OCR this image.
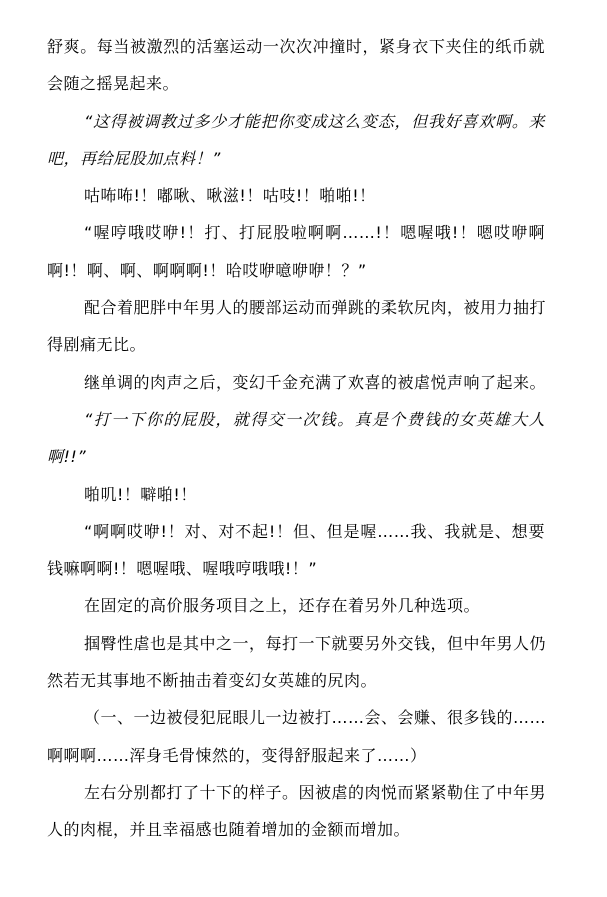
舒爽。每当被激烈的活塞运动一次次冲撞时，紧身衣下夹住的纸币就
会随之摇晃起来。
“这得被调教过多少才能把你变成这么变态，但我好喜欢啊。来
吧，再给屁股加点料！”
咕咘咘!！嘟啾、啾滋!！咕吱!！啪啪!！
“喔哼哦哎咿!！打、打屁股啦啊啊……!！嗯喔哦!！嗯哎咿啊
啊!！啊、啊、啊啊啊!！哈哎咿噫咿咿！？”
配合着肥胖中年男人的腰部运动而弹跳的柔软尻肉，被用力抽打
得剧痛无比。
继单调的肉声之后，变幻千金充满了欢喜的被虐悦声响了起来。
“打一下你的屁股，就得交一次钱。真是个费钱的女英雄大人
啊!!”
啪叽!！噼啪!！
“啊啊哎咿!！对、对不起!！但、但是喔……我、我就是、想要
钱嘛啊啊!！嗯喔哦、喔哦哼哦哦!！”
在固定的高价服务项目之上，还存在着另外几种选项。
掴臀性虐也是其中之一，每打一下就要另外交钱，但中年男人仍
然若无其事地不断抽击着变幻女英雄的尻肉。
（一、一边被侵犯屁眼儿一边被打……会、会赚、很多钱的……
啊啊啊……浑身毛骨悚然的，变得舒服起来了……）
左右分别都打了十下的样子。因被虐的肉悦而紧紧勒住了中年男
人的肉棍，并且幸福感也随着增加的金额而增加。
